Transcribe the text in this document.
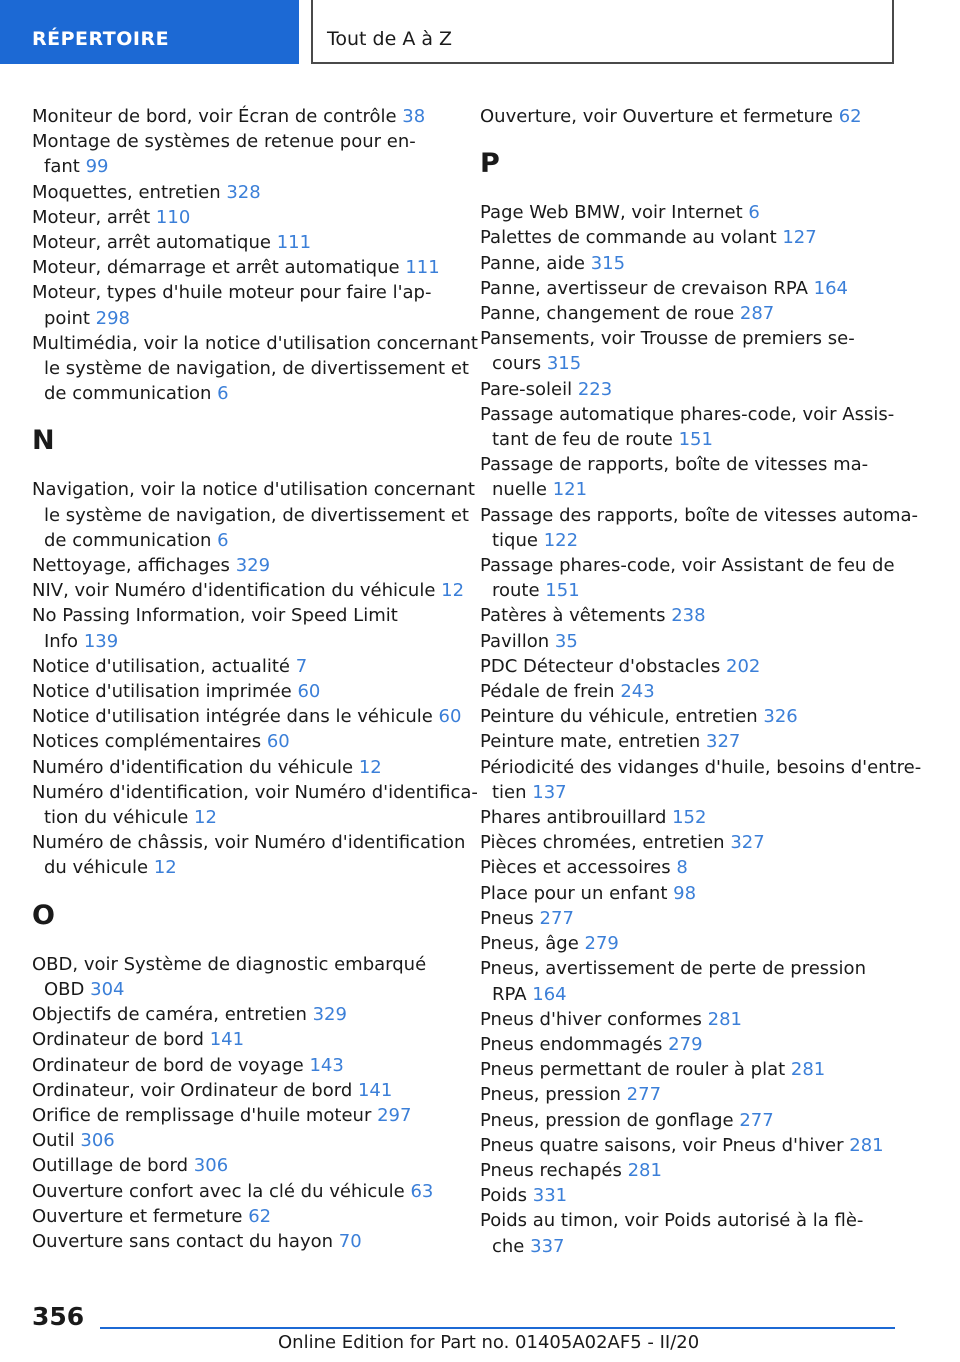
RÉPERTOIRE	Tout de A à Z
Moniteur de bord, voir Écran de contrôle 38
Montage de systèmes de retenue pour en‐
fant 99
Moquettes, entretien 328
Moteur, arrêt 110
Moteur, arrêt automatique 111
Moteur, démarrage et arrêt automatique 111
Moteur, types d'huile moteur pour faire l'ap‐
point 298
Multimédia, voir la notice d'utilisation concernant
le système de navigation, de divertissement et
de communication 6
N
Navigation, voir la notice d'utilisation concernant
le système de navigation, de divertissement et
de communication 6
Nettoyage, affichages 329
NIV, voir Numéro d'identification du véhicule 12
No Passing Information, voir Speed Limit
Info 139
Notice d'utilisation, actualité 7
Notice d'utilisation imprimée 60
Notice d'utilisation intégrée dans le véhicule 60
Notices complémentaires 60
Numéro d'identification du véhicule 12
Numéro d'identification, voir Numéro d'identifica‐
tion du véhicule 12
Numéro de châssis, voir Numéro d'identification
du véhicule 12
O
OBD, voir Système de diagnostic embarqué
OBD 304
Objectifs de caméra, entretien 329
Ordinateur de bord 141
Ordinateur de bord de voyage 143
Ordinateur, voir Ordinateur de bord 141
Orifice de remplissage d'huile moteur 297
Outil 306
Outillage de bord 306
Ouverture confort avec la clé du véhicule 63
Ouverture et fermeture 62
Ouverture sans contact du hayon 70
Ouverture, voir Ouverture et fermeture 62
P
Page Web BMW, voir Internet 6
Palettes de commande au volant 127
Panne, aide 315
Panne, avertisseur de crevaison RPA 164
Panne, changement de roue 287
Pansements, voir Trousse de premiers se‐
cours 315
Pare-soleil 223
Passage automatique phares-code, voir Assis‐
tant de feu de route 151
Passage de rapports, boîte de vitesses ma‐
nuelle 121
Passage des rapports, boîte de vitesses automa‐
tique 122
Passage phares-code, voir Assistant de feu de
route 151
Patères à vêtements 238
Pavillon 35
PDC Détecteur d'obstacles 202
Pédale de frein 243
Peinture du véhicule, entretien 326
Peinture mate, entretien 327
Périodicité des vidanges d'huile, besoins d'entre‐
tien 137
Phares antibrouillard 152
Pièces chromées, entretien 327
Pièces et accessoires 8
Place pour un enfant 98
Pneus 277
Pneus, âge 279
Pneus, avertissement de perte de pression
RPA 164
Pneus d'hiver conformes 281
Pneus endommagés 279
Pneus permettant de rouler à plat 281
Pneus, pression 277
Pneus, pression de gonflage 277
Pneus quatre saisons, voir Pneus d'hiver 281
Pneus rechapés 281
Poids 331
Poids au timon, voir Poids autorisé à la flè‐
che 337
356
Online Edition for Part no. 01405A02AF5 - II/20
